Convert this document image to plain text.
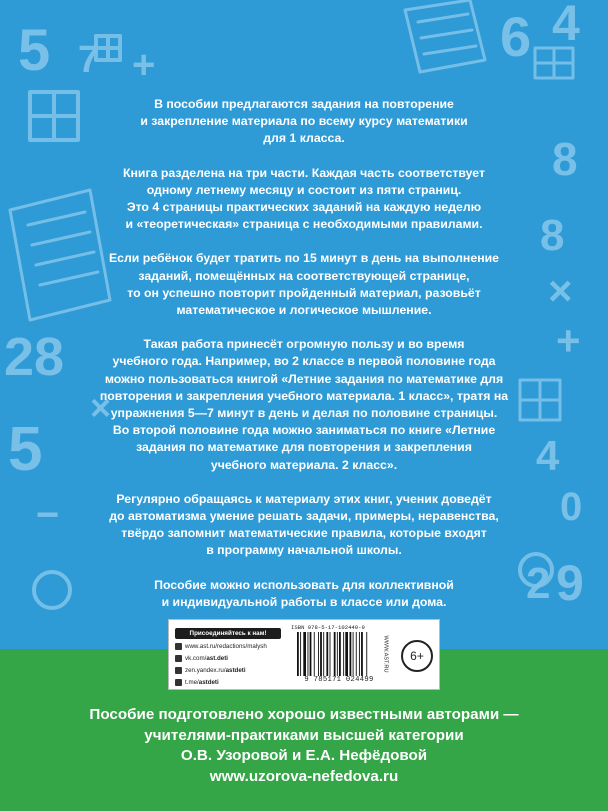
5 7 +	6 4
8
8
28
5
×
+
4
0
2
−
9
×
В пособии предлагаются задания на повторение
и закрепление материала по всему курсу математики
для 1 класса.
Книга разделена на три части. Каждая часть соответствует
одному летнему месяцу и состоит из пяти страниц.
Это 4 страницы практических заданий на каждую неделю
и «теоретическая» страница с необходимыми правилами.
Если ребёнок будет тратить по 15 минут в день на выполнение
заданий, помещённых на соответствующей странице,
то он успешно повторит пройденный материал, разовьёт
математическое и логическое мышление.
Такая работа принесёт огромную пользу и во время
учебного года. Например, во 2 классе в первой половине года
можно пользоваться книгой «Летние задания по математике для
повторения и закрепления учебного материала. 1 класс», тратя на
упражнения 5—7 минут в день и делая по половине страницы.
Во второй половине года можно заниматься по книге «Летние
задания по математике для повторения и закрепления
учебного материала. 2 класс».
Регулярно обращаясь к материалу этих книг, ученик доведёт
до автоматизма умение решать задачи, примеры, неравенства,
твёрдо запомнит математические правила, которые входят
в программу начальной школы.
Пособие можно использовать для коллективной
и индивидуальной работы в классе или дома.
Присоединяйтесь к нам!
www.ast.ru/redactions/malysh
vk.com/ast.deti
zen.yandex.ru/astdeti
t.me/astdeti
ISBN 978-5-17-102449-9
9 785171 024499
WWW.AST.RU	6+
Пособие подготовлено хорошо известными авторами —
учителями-практиками высшей категории
О.В. Узоровой и Е.А. Нефёдовой
www.uzorova-nefedova.ru
